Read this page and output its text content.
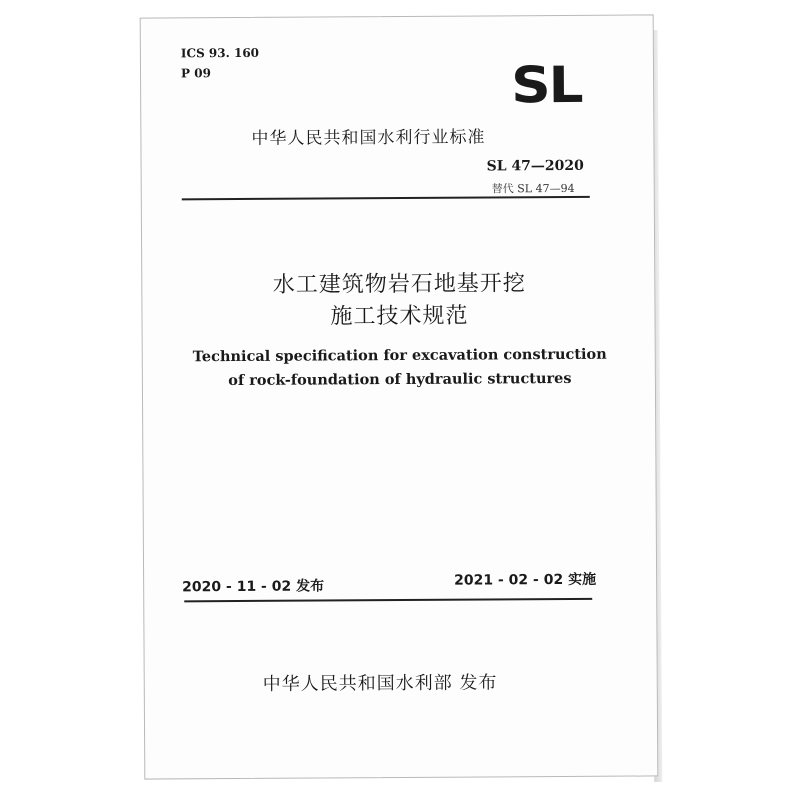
ICS 93. 160
P 09	SL
中华人民共和国水利行业标准
SL 47—2020
替代 SL 47—94
水工建筑物岩石地基开挖
施工技术规范
Technical specification for excavation construction
of rock-foundation of hydraulic structures
2020 - 11 - 02 发布	2021 - 02 - 02 实施
中华人民共和国水利部 发布
